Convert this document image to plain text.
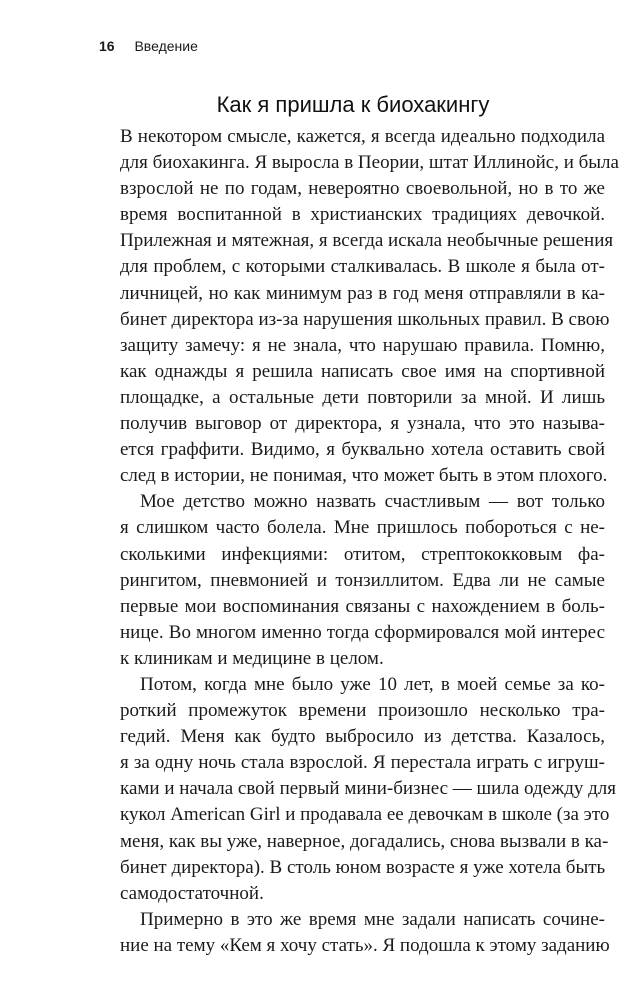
16 Введение
Как я пришла к биохакингу
В некотором смысле, кажется, я всегда идеально подходила
для биохакинга. Я выросла в Пеории, штат Иллинойс, и была
взрослой не по годам, невероятно своевольной, но в то же
время воспитанной в христианских традициях девочкой.
Прилежная и мятежная, я всегда искала необычные решения
для проблем, с которыми сталкивалась. В школе я была от-
личницей, но как минимум раз в год меня отправляли в ка-
бинет директора из-за нарушения школьных правил. В свою
защиту замечу: я не знала, что нарушаю правила. Помню,
как однажды я решила написать свое имя на спортивной
площадке, а остальные дети повторили за мной. И лишь
получив выговор от директора, я узнала, что это называ-
ется граффити. Видимо, я буквально хотела оставить свой
след в истории, не понимая, что может быть в этом плохого.
Мое детство можно назвать счастливым — вот только
я слишком часто болела. Мне пришлось побороться с не-
сколькими инфекциями: отитом, стрептококковым фа-
рингитом, пневмонией и тонзиллитом. Едва ли не самые
первые мои воспоминания связаны с нахождением в боль-
нице. Во многом именно тогда сформировался мой интерес
к клиникам и медицине в целом.
Потом, когда мне было уже 10 лет, в моей семье за ко-
роткий промежуток времени произошло несколько тра-
гедий. Меня как будто выбросило из детства. Казалось,
я за одну ночь стала взрослой. Я перестала играть с игруш-
ками и начала свой первый мини-бизнес — шила одежду для
кукол American Girl и продавала ее девочкам в школе (за это
меня, как вы уже, наверное, догадались, снова вызвали в ка-
бинет директора). В столь юном возрасте я уже хотела быть
самодостаточной.
Примерно в это же время мне задали написать сочине-
ние на тему «Кем я хочу стать». Я подошла к этому заданию
